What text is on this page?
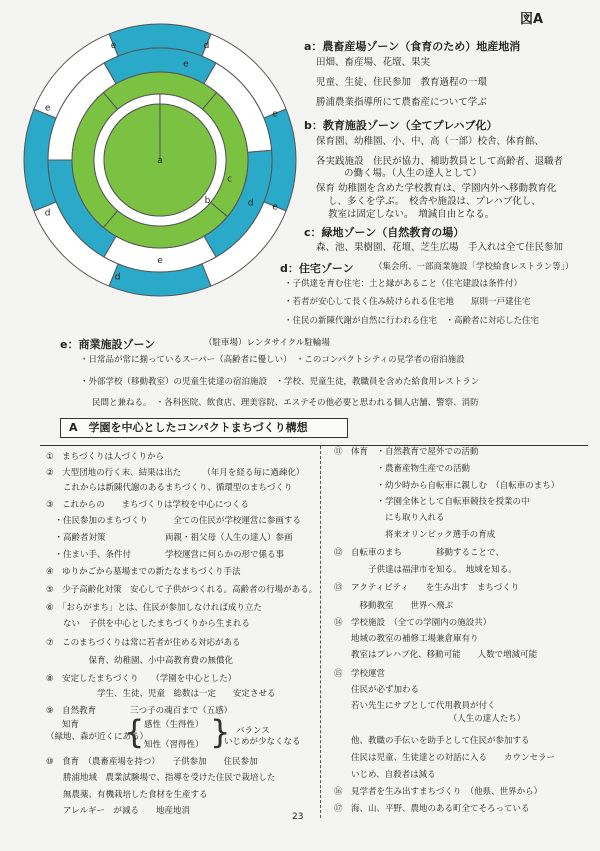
図A
a
b
c
d
d
d
d
e
e
e
e
e
e	a：農畜産場ゾーン（食育のため）地産地消
田畑、畜産場、花壇、果実
児童、生徒、住民参加　教育過程の一環
勝浦農業指導所にて農畜産について学ぶ
b：教育施設ゾーン（全てプレハブ化）
保育園、幼稚園、小、中、高（一部）校舎、体育館、
各実践施設　住民が協力、補助教員として高齢者、退職者
の働く場。（人生の達人として）
保育 幼稚園を含めた学校教育は、学園内外へ移動教育化
し、多くを学ぶ。　校舎や施設は、プレハブ化し、
教室は固定しない。　増減自由となる。
c：緑地ゾーン（自然教育の場）
森、池、果樹園、花壇、芝生広場　手入れは全て住民参加
d：住宅ゾーン （集会所、一部商業施設「学校給食レストラン等」）
・子供達を育む住宅：土と縁があること（住宅建設は条件付）
・若者が安心して長く住み続けられる住宅地　　原則一戸建住宅
・住民の新陳代謝が自然に行われる住宅　・高齢者に対応した住宅
e：商業施設ゾーン	（駐車場）レンタサイクル駐輪場
・日常品が常に揃っているスーパー（高齢者に優しい）　・このコンパクトシティの見学者の宿泊施設
・外部学校（移動教室）の児童生徒達の宿泊施設　・学校、児童生徒，教職員を含めた給食用レストラン
民間と兼ねる。　・各科医院、飲食店、理美容院、エステその他必要と思われる個人店舗、警察、消防
A　学園を中心としたコンパクトまちづくり構想
①　まちづくりは人づくりから
②　大型団地の行く末、結果は出た　　　（年月を経る毎に過疎化）
　　これからは新陳代謝のあるまちづくり、循環型のまちづくり
③　これからの　　まちづくりは学校を中心につくる
　・住民参加のまちづくり　　　全ての住民が学校運営に参画する
　・高齢者対策　　　　　　　両親・祖父母（人生の達人）参画
　・住まい手、条件付　　　　学校運営に何らかの形で係る事
④　ゆりかごから墓場までの新たなまちづくり手法
⑤　少子高齢化対策　安心して子供がつくれる。高齢者の行場がある。
⑥　「おらがまち」とは、住民が参加しなければ成り立た
　　ない　子供を中心としたまちづくりから生まれる
⑦　このまちづくりは常に若者が住める対応がある
　　　　　保育、幼稚園、小中高教育費の無償化
⑧　安定したまちづくり　　（学園を中心とした）
　　　　　　学生、生徒、児童　総数は一定　　安定させる
⑨　自然教育　　　　三つ子の魂百まで（五感）
知育	感性（生得性）
（緑地、森が近くにある）
知性（習得性）
{ } バランス
いじめが少なくなる
⑩　食育　（農畜産場を持つ）　　子供参加　　住民参加
　　勝浦地域　農業試験場で、指導を受けた住民で栽培した
　　無農薬、有機栽培した食材を生産する
　　アレルギー　が減る　　地産地消
⑪　体育　・自然教育で屋外での活動
　　　　　・農畜産物生産での活動
　　　　　・幼少時から自転車に親しむ　（自転車のまち）
　　　　　・学園全体として自転車競技を授業の中
　　　　　　にも取り入れる
　　　　　　将来オリンピック選手の育成
⑫　自転車のまち　　　　移動することで、
　　　　子供達は福津市を知る。　地域を知る。
⑬　アクティビティ　　を生み出す　まちづくり
　　　移動教室　　世界へ飛ぶ
⑭　学校施設　（全ての学園内の施設共）
　　地域の教室の補修工場兼倉庫有り
　　教室はプレハブ化、移動可能　　人数で増減可能
⑮　学校運営
　　住民が必ず加わる
　　若い先生にサブとして代用教員が付く
　　　　　　　　　　　　　　（人生の達人たち）
　　他、教職の手伝いを助手として住民が参加する
　　住民は児童、生徒達との対話に入る　　カウンセラー
　　いじめ、自殺者は減る
⑯　見学者を生み出すまちづくり　（他県、世界から）
⑰　海、山、平野、農地のある町全てそろっている
23
